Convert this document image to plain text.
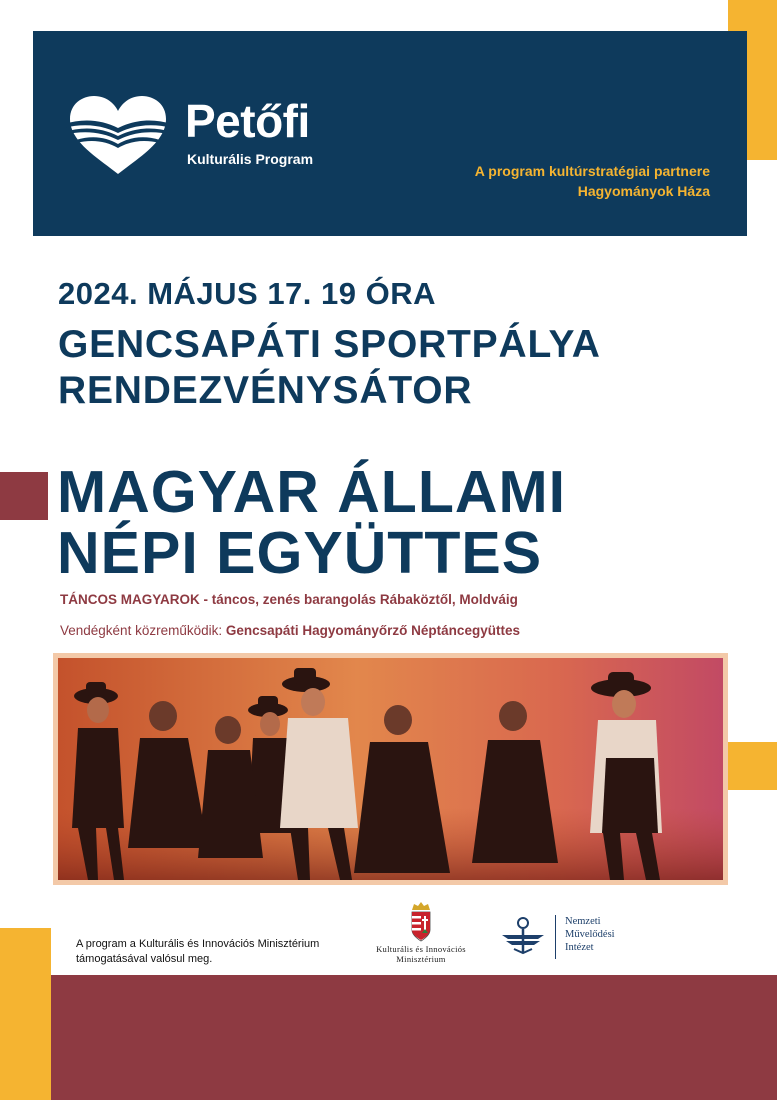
Petőfi
Kulturális Program
A program kultúrstratégiai partnere
Hagyományok Háza
2024. MÁJUS 17. 19 ÓRA
GENCSAPÁTI SPORTPÁLYA
RENDEZVÉNYSÁTOR
MAGYAR ÁLLAMI
NÉPI EGYÜTTES
TÁNCOS MAGYAROK - táncos, zenés barangolás Rábaköztől, Moldváig
Vendégként közreműködik: Gencsapáti Hagyományőrző Néptáncegyüttes
A program a Kulturális és Innovációs Minisztérium
támogatásával valósul meg.
Kulturális és Innovációs
Minisztérium
Nemzeti
Művelődési
Intézet
